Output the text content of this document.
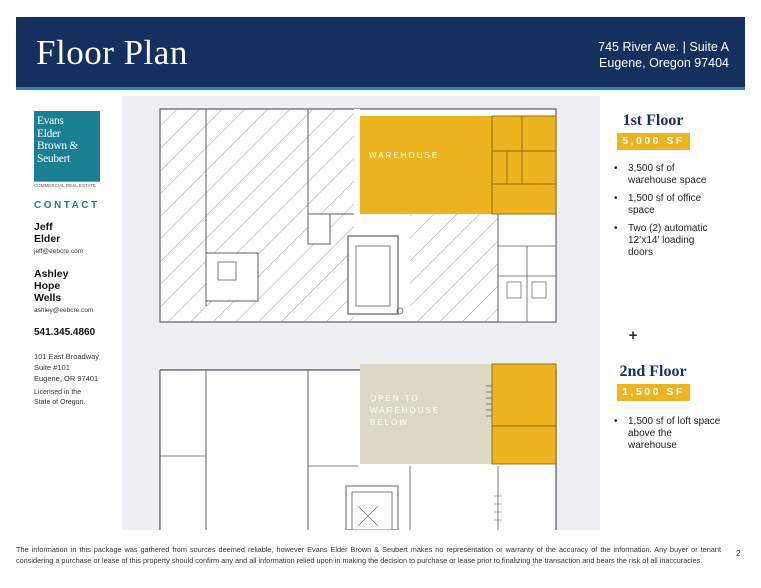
Floor Plan	745 River Ave. | Suite A
Eugene, Oregon 97404
Evans
Elder
Brown &
Seubert
COMMERCIAL REAL ESTATE
CONTACT
Jeff
Elder
jeff@eebcre.com
Ashley
Hope
Wells
ashley@eebcre.com
541.345.4860
101 East Broadway
Suite #101
Eugene, OR 97401
Licensed in the
State of Oregon.
WAREHOUSE
OPEN TO
WAREHOUSE
BELOW
1st Floor
5,000 SF
• 3,500 sf of warehouse space
• 1,500 sf of office space
• Two (2) automatic 12’x14’ loading doors
+
2nd Floor
1,500 SF
• 1,500 sf of loft space above the warehouse
The information in this package was gathered from sources deemed reliable, however Evans Elder Brown & Seubert makes no representation or warranty of the accuracy of the information. Any buyer or tenant considering a purchase or lease of this property should confirm any and all information relied upon in making the decision to purchase or lease prior to finalizing the transaction and bears the risk of all inaccuracies.
2
